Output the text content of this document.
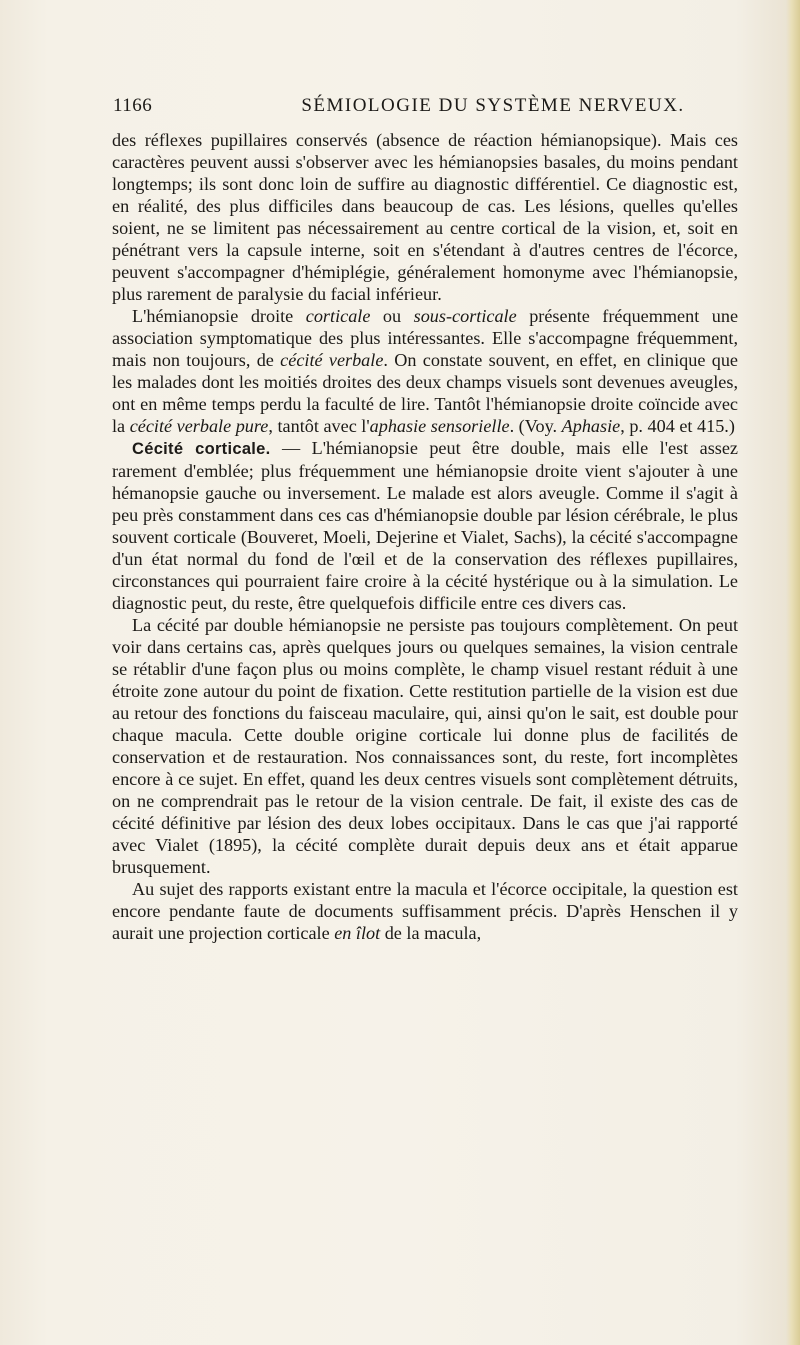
1166	SÉMIOLOGIE DU SYSTÈME NERVEUX.

des réflexes pupillaires conservés (absence de réaction hémianopsique). Mais ces caractères peuvent aussi s'observer avec les hémianopsies basales, du moins pendant longtemps; ils sont donc loin de suffire au diagnostic différentiel. Ce diagnostic est, en réalité, des plus difficiles dans beaucoup de cas. Les lésions, quelles qu'elles soient, ne se limitent pas nécessairement au centre cortical de la vision, et, soit en pénétrant vers la capsule interne, soit en s'étendant à d'autres centres de l'écorce, peuvent s'accompagner d'hémiplégie, généralement homonyme avec l'hémianopsie, plus rarement de paralysie du facial inférieur.

L'hémianopsie droite corticale ou sous-corticale présente fréquemment une association symptomatique des plus intéressantes. Elle s'accompagne fréquemment, mais non toujours, de cécité verbale. On constate souvent, en effet, en clinique que les malades dont les moitiés droites des deux champs visuels sont devenues aveugles, ont en même temps perdu la faculté de lire. Tantôt l'hémianopsie droite coïncide avec la cécité verbale pure, tantôt avec l'aphasie sensorielle. (Voy. Aphasie, p. 404 et 415.)

Cécité corticale. — L'hémianopsie peut être double, mais elle l'est assez rarement d'emblée; plus fréquemment une hémianopsie droite vient s'ajouter à une hémanopsie gauche ou inversement. Le malade est alors aveugle. Comme il s'agit à peu près constamment dans ces cas d'hémianopsie double par lésion cérébrale, le plus souvent corticale (Bouveret, Moeli, Dejerine et Vialet, Sachs), la cécité s'accompagne d'un état normal du fond de l'œil et de la conservation des réflexes pupillaires, circonstances qui pourraient faire croire à la cécité hystérique ou à la simulation. Le diagnostic peut, du reste, être quelquefois difficile entre ces divers cas.

La cécité par double hémianopsie ne persiste pas toujours complètement. On peut voir dans certains cas, après quelques jours ou quelques semaines, la vision centrale se rétablir d'une façon plus ou moins complète, le champ visuel restant réduit à une étroite zone autour du point de fixation. Cette restitution partielle de la vision est due au retour des fonctions du faisceau maculaire, qui, ainsi qu'on le sait, est double pour chaque macula. Cette double origine corticale lui donne plus de facilités de conservation et de restauration. Nos connaissances sont, du reste, fort incomplètes encore à ce sujet. En effet, quand les deux centres visuels sont complètement détruits, on ne comprendrait pas le retour de la vision centrale. De fait, il existe des cas de cécité définitive par lésion des deux lobes occipitaux. Dans le cas que j'ai rapporté avec Vialet (1895), la cécité complète durait depuis deux ans et était apparue brusquement.

Au sujet des rapports existant entre la macula et l'écorce occipitale, la question est encore pendante faute de documents suffisamment précis. D'après Henschen il y aurait une projection corticale en îlot de la macula,
